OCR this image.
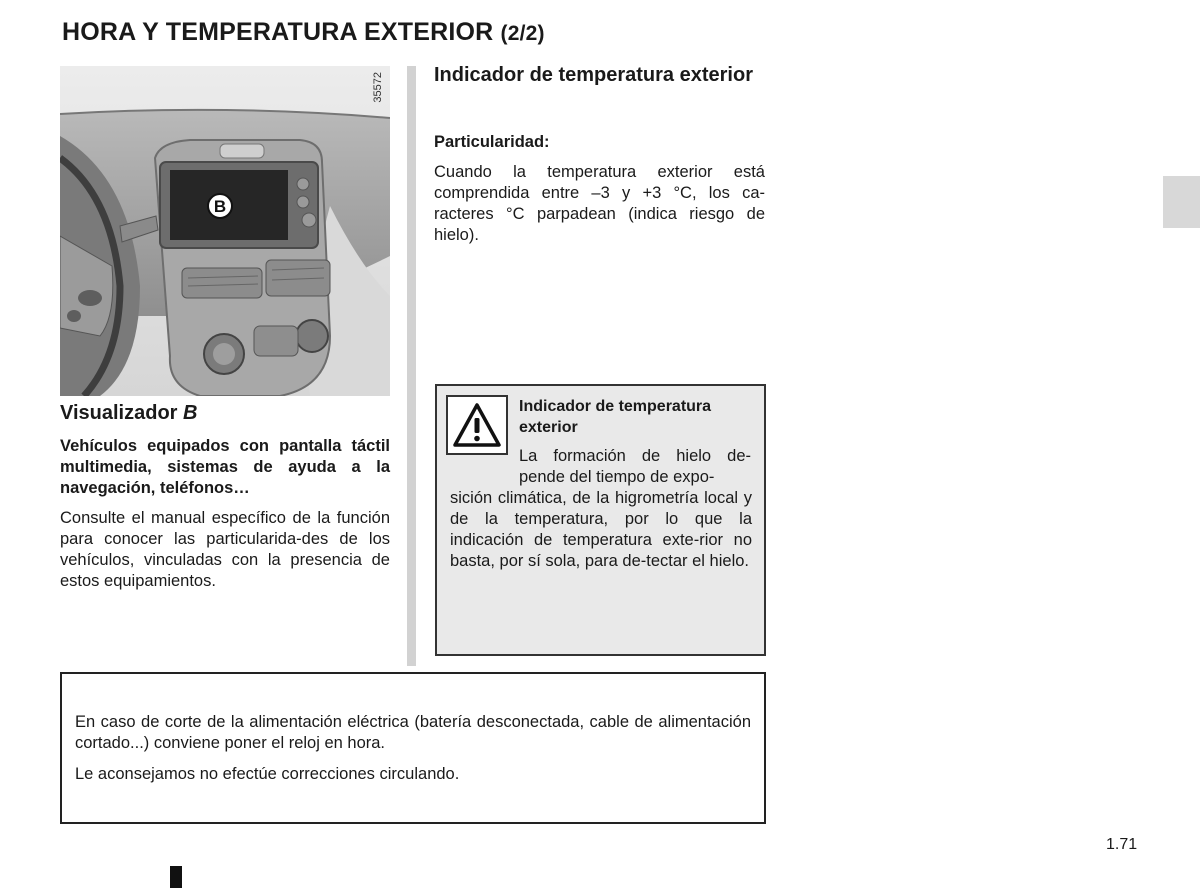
HORA Y TEMPERATURA EXTERIOR (2/2)
B
35572
Visualizador B

Vehículos equipados con pantalla táctil multimedia, sistemas de ayuda a la navegación, teléfonos…

Consulte el manual específico de la función para conocer las particularida-des de los vehículos, vinculadas con la presencia de estos equipamientos.

Indicador de temperatura exterior

Particularidad:

Cuando la temperatura exterior está comprendida entre –3 y +3 °C, los ca-racteres °C parpadean (indica riesgo de hielo).

Indicador de temperatura exterior
La formación de hielo de-pende del tiempo de expo-
sición climática, de la higrometría local y de la temperatura, por lo que la indicación de temperatura exte-rior no basta, por sí sola, para de-tectar el hielo.

En caso de corte de la alimentación eléctrica (batería desconectada, cable de alimentación cortado...) conviene poner el reloj en hora.

Le aconsejamos no efectúe correcciones circulando.

1.71
